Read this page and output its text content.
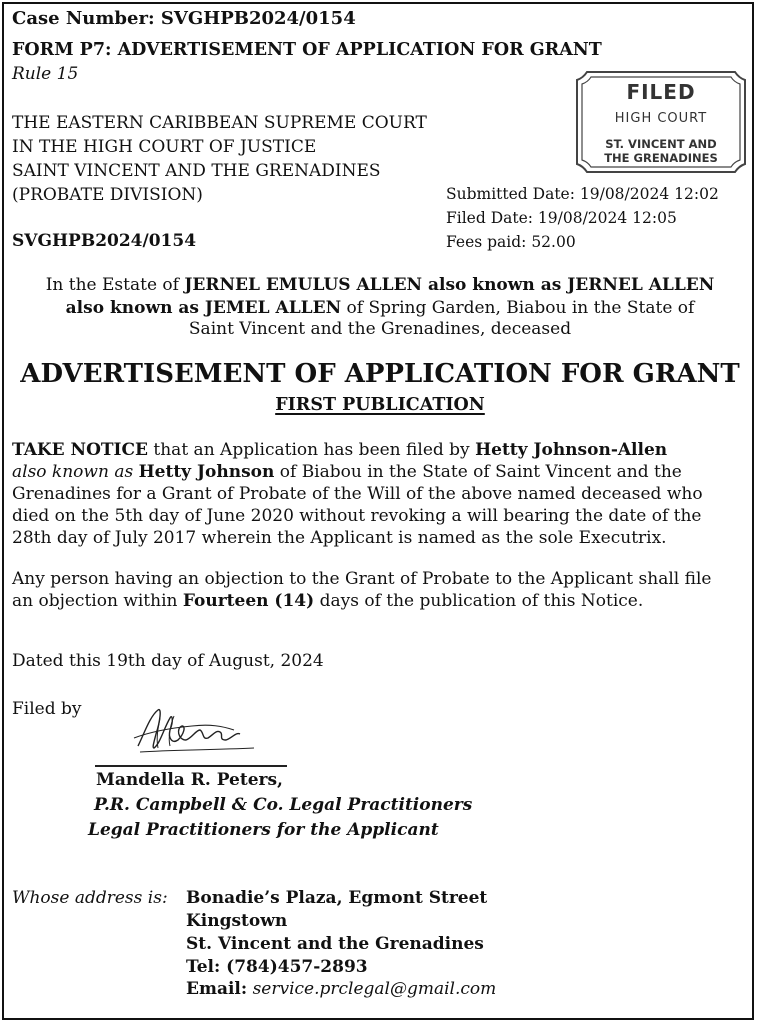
Case Number: SVGHPB2024/0154
FORM P7: ADVERTISEMENT OF APPLICATION FOR GRANT
Rule 15
THE EASTERN CARIBBEAN SUPREME COURT
IN THE HIGH COURT OF JUSTICE
SAINT VINCENT AND THE GRENADINES
(PROBATE DIVISION)
SVGHPB2024/0154
FILED
HIGH COURT
ST. VINCENT AND
THE GRENADINES
Submitted Date: 19/08/2024 12:02
Filed Date: 19/08/2024 12:05
Fees paid: 52.00
In the Estate of JERNEL EMULUS ALLEN also known as JERNEL ALLEN
also known as JEMEL ALLEN of Spring Garden, Biabou in the State of
Saint Vincent and the Grenadines, deceased
ADVERTISEMENT OF APPLICATION FOR GRANT
FIRST PUBLICATION
TAKE NOTICE that an Application has been filed by Hetty Johnson-Allen
also known as Hetty Johnson of Biabou in the State of Saint Vincent and the
Grenadines for a Grant of Probate of the Will of the above named deceased who
died on the 5th day of June 2020 without revoking a will bearing the date of the
28th day of July 2017 wherein the Applicant is named as the sole Executrix.
Any person having an objection to the Grant of Probate to the Applicant shall file
an objection within Fourteen (14) days of the publication of this Notice.
Dated this 19th day of August, 2024
Filed by
Mandella R. Peters,
P.R. Campbell & Co. Legal Practitioners
Legal Practitioners for the Applicant
Whose address is: Bonadie’s Plaza, Egmont Street
Kingstown
St. Vincent and the Grenadines
Tel: (784)457-2893
Email: service.prclegal@gmail.com
